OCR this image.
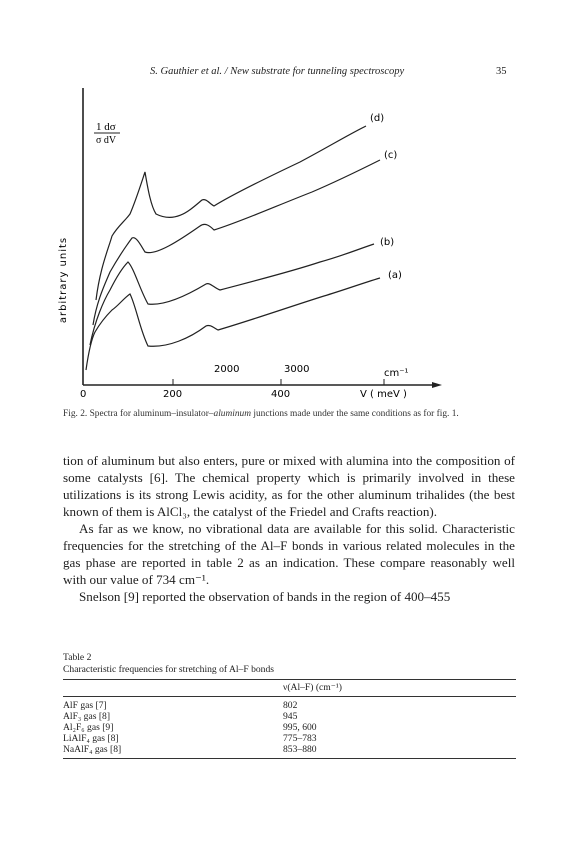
S. Gauthier et al. / New substrate for tunneling spectroscopy	35
1 dσ
σ dV
arbitrary units
(d)
(c)
(b)
(a)
2000	3000	cm⁻¹
0	200	400	V ( meV )
Fig. 2. Spectra for aluminum–insulator–aluminum junctions made under the same conditions as for fig. 1.

tion of aluminum but also enters, pure or mixed with alumina into the composition of some catalysts [6]. The chemical property which is primarily involved in these utilizations is its strong Lewis acidity, as for the other aluminum trihalides (the best known of them is AlCl₃, the catalyst of the Friedel and Crafts reaction).

As far as we know, no vibrational data are available for this solid. Characteristic frequencies for the stretching of the Al–F bonds in various related molecules in the gas phase are reported in table 2 as an indication. These compare reasonably well with our value of 734 cm⁻¹.

Snelson [9] reported the observation of bands in the region of 400–455

Table 2
Characteristic frequencies for stretching of Al–F bonds
	ν(Al–F) (cm⁻¹)
AlF gas [7]	802
AlF₃ gas [8]	945
Al₂F₆ gas [9]	995, 600
LiAlF₄ gas [8]	775–783
NaAlF₄ gas [8]	853–880
